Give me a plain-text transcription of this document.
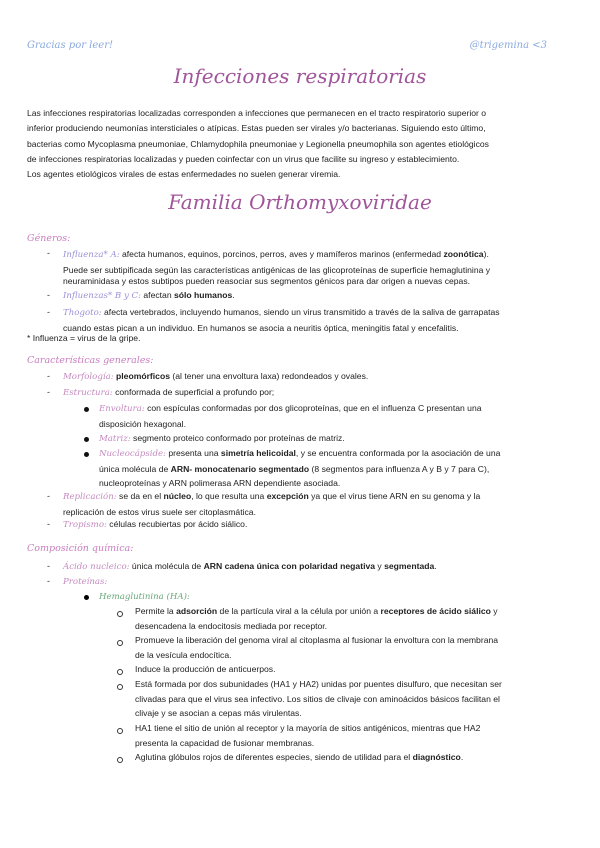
Gracias por leer!	@trigemina <3
Infecciones respiratorias

Las infecciones respiratorias localizadas corresponden a infecciones que permanecen en el tracto respiratorio superior o

inferior produciendo neumonías intersticiales o atípicas. Estas pueden ser virales y/o bacterianas. Siguiendo esto último,

bacterias como Mycoplasma pneumoniae, Chlamydophila pneumoniae y Legionella pneumophila son agentes etiológicos

de infecciones respiratorias localizadas y pueden coinfectar con un virus que facilite su ingreso y establecimiento.

Los agentes etiológicos virales de estas enfermedades no suelen generar viremia.

Familia Orthomyxoviridae
Géneros:
- Influenza* A: afecta humanos, equinos, porcinos, perros, aves y mamíferos marinos (enfermedad zoonótica).
Puede ser subtipificada según las características antigénicas de las glicoproteínas de superficie hemaglutinina y
neuraminidasa y estos subtipos pueden reasociar sus segmentos génicos para dar origen a nuevas cepas.
- Influenzas* B y C: afectan sólo humanos.
- Thogoto: afecta vertebrados, incluyendo humanos, siendo un virus transmitido a través de la saliva de garrapatas
cuando estas pican a un individuo. En humanos se asocia a neuritis óptica, meningitis fatal y encefalitis.
* Influenza = virus de la gripe.
Características generales:
- Morfología: pleomórficos (al tener una envoltura laxa) redondeados y ovales.
- Estructura: conformada de superficial a profundo por;
Envoltura: con espículas conformadas por dos glicoproteínas, que en el influenza C presentan una
disposición hexagonal.
Matriz: segmento proteico conformado por proteínas de matriz.
Nucleocápside: presenta una simetría helicoidal, y se encuentra conformada por la asociación de una
única molécula de ARN- monocatenario segmentado (8 segmentos para influenza A y B y 7 para C),
nucleoproteínas y ARN polimerasa ARN dependiente asociada.
- Replicación: se da en el núcleo, lo que resulta una excepción ya que el virus tiene ARN en su genoma y la
replicación de estos virus suele ser citoplasmática.
- Tropismo: células recubiertas por ácido siálico.
Composición química:
- Ácido nucleico: única molécula de ARN cadena única con polaridad negativa y segmentada.
- Proteínas:
Hemaglutinina (HA):
Permite la adsorción de la partícula viral a la célula por unión a receptores de ácido siálico y
desencadena la endocitosis mediada por receptor.
Promueve la liberación del genoma viral al citoplasma al fusionar la envoltura con la membrana
de la vesícula endocítica.
Induce la producción de anticuerpos.
Está formada por dos subunidades (HA1 y HA2) unidas por puentes disulfuro, que necesitan ser
clivadas para que el virus sea infectivo. Los sitios de clivaje con aminoácidos básicos facilitan el
clivaje y se asocian a cepas más virulentas.
HA1 tiene el sitio de unión al receptor y la mayoría de sitios antigénicos, mientras que HA2
presenta la capacidad de fusionar membranas.
Aglutina glóbulos rojos de diferentes especies, siendo de utilidad para el diagnóstico.
